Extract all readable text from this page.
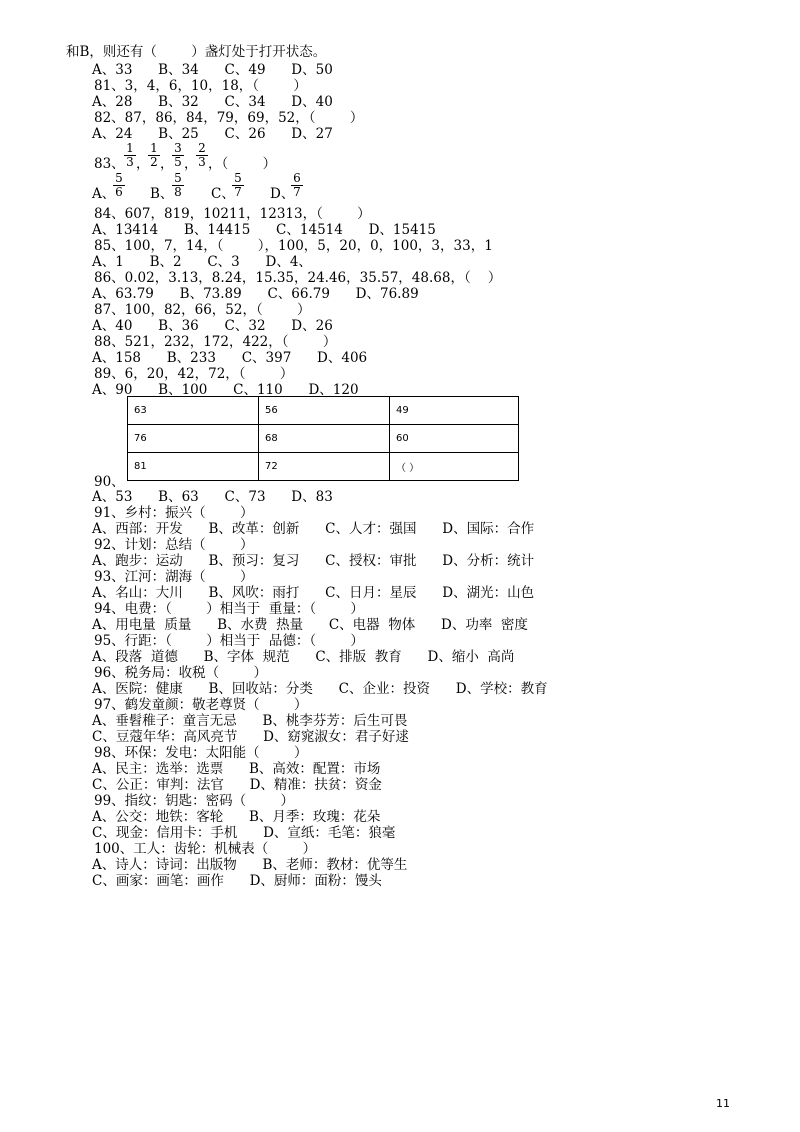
和B，则还有（        ）盏灯处于打开状态。
A、33      B、34      C、49      D、50
81、3，4，6，10，18，（        ）
A、28      B、32      C、34      D、40
82、87，86，84，79，69，52，（        ）
A、24      B、25      C、26      D、27
83、 $\frac{1}{3}$ ，
$\frac{1}{2}$ ，
$\frac{3}{5}$ ，
$\frac{2}{3}$ ，（        ）
A、
$\frac{5}{6}$ B、
$\frac{5}{8}$ C、
$\frac{5}{7}$ D、
$\frac{6}{7}$
84、607，819，10211，12313，（        ）
A、13414      B、14415      C、14514      D、15415
85、100，7，14，（        ），100，5，20，0，100，3，33，1
A、1      B、2      C、3      D、4、
86、0.02，3.13，8.24，15.35，24.46，35.57，48.68，（    ）
A、63.79      B、73.89      C、66.79      D、76.89
87、100，82，66，52，（        ）
A、40      B、36      C、32      D、26
88、521，232，172，422，（        ）
A、158      B、233      C、397      D、406
89、6，20，42，72，（        ）
A、90      B、100      C、110      D、120
63	56	49
76	68	60
81	72	（ ）
90、
A、53      B、63      C、73      D、83
91、乡村：振兴（        ）
A、西部：开发      B、改革：创新      C、人才：强国      D、国际：合作
92、计划：总结（        ）
A、跑步：运动      B、预习：复习      C、授权：审批      D、分析：统计
93、江河：湖海（        ）
A、名山：大川      B、风吹：雨打      C、日月：星辰      D、湖光：山色
94、电费：（        ）相当于  重量：（        ）
A、用电量  质量      B、水费  热量      C、电器  物体      D、功率  密度
95、行距：（        ）相当于  品德：（        ）
A、段落  道德      B、字体  规范      C、排版  教育      D、缩小  高尚
96、税务局：收税（        ）
A、医院：健康      B、回收站：分类      C、企业：投资      D、学校：教育
97、鹤发童颜：敬老尊贤（        ）
A、垂髫稚子：童言无忌      B、桃李芬芳：后生可畏
C、豆蔻年华：高风亮节      D、窈窕淑女：君子好逑
98、环保：发电：太阳能（        ）
A、民主：选举：选票      B、高效：配置：市场
C、公正：审判：法官      D、精准：扶贫：资金
99、指纹：钥匙：密码（        ）
A、公交：地铁：客轮      B、月季：玫瑰：花朵
C、现金：信用卡：手机      D、宣纸：毛笔：狼毫
100、工人：齿轮：机械表（        ）
A、诗人：诗词：出版物      B、老师：教材：优等生
C、画家：画笔：画作      D、厨师：面粉：馒头
11
